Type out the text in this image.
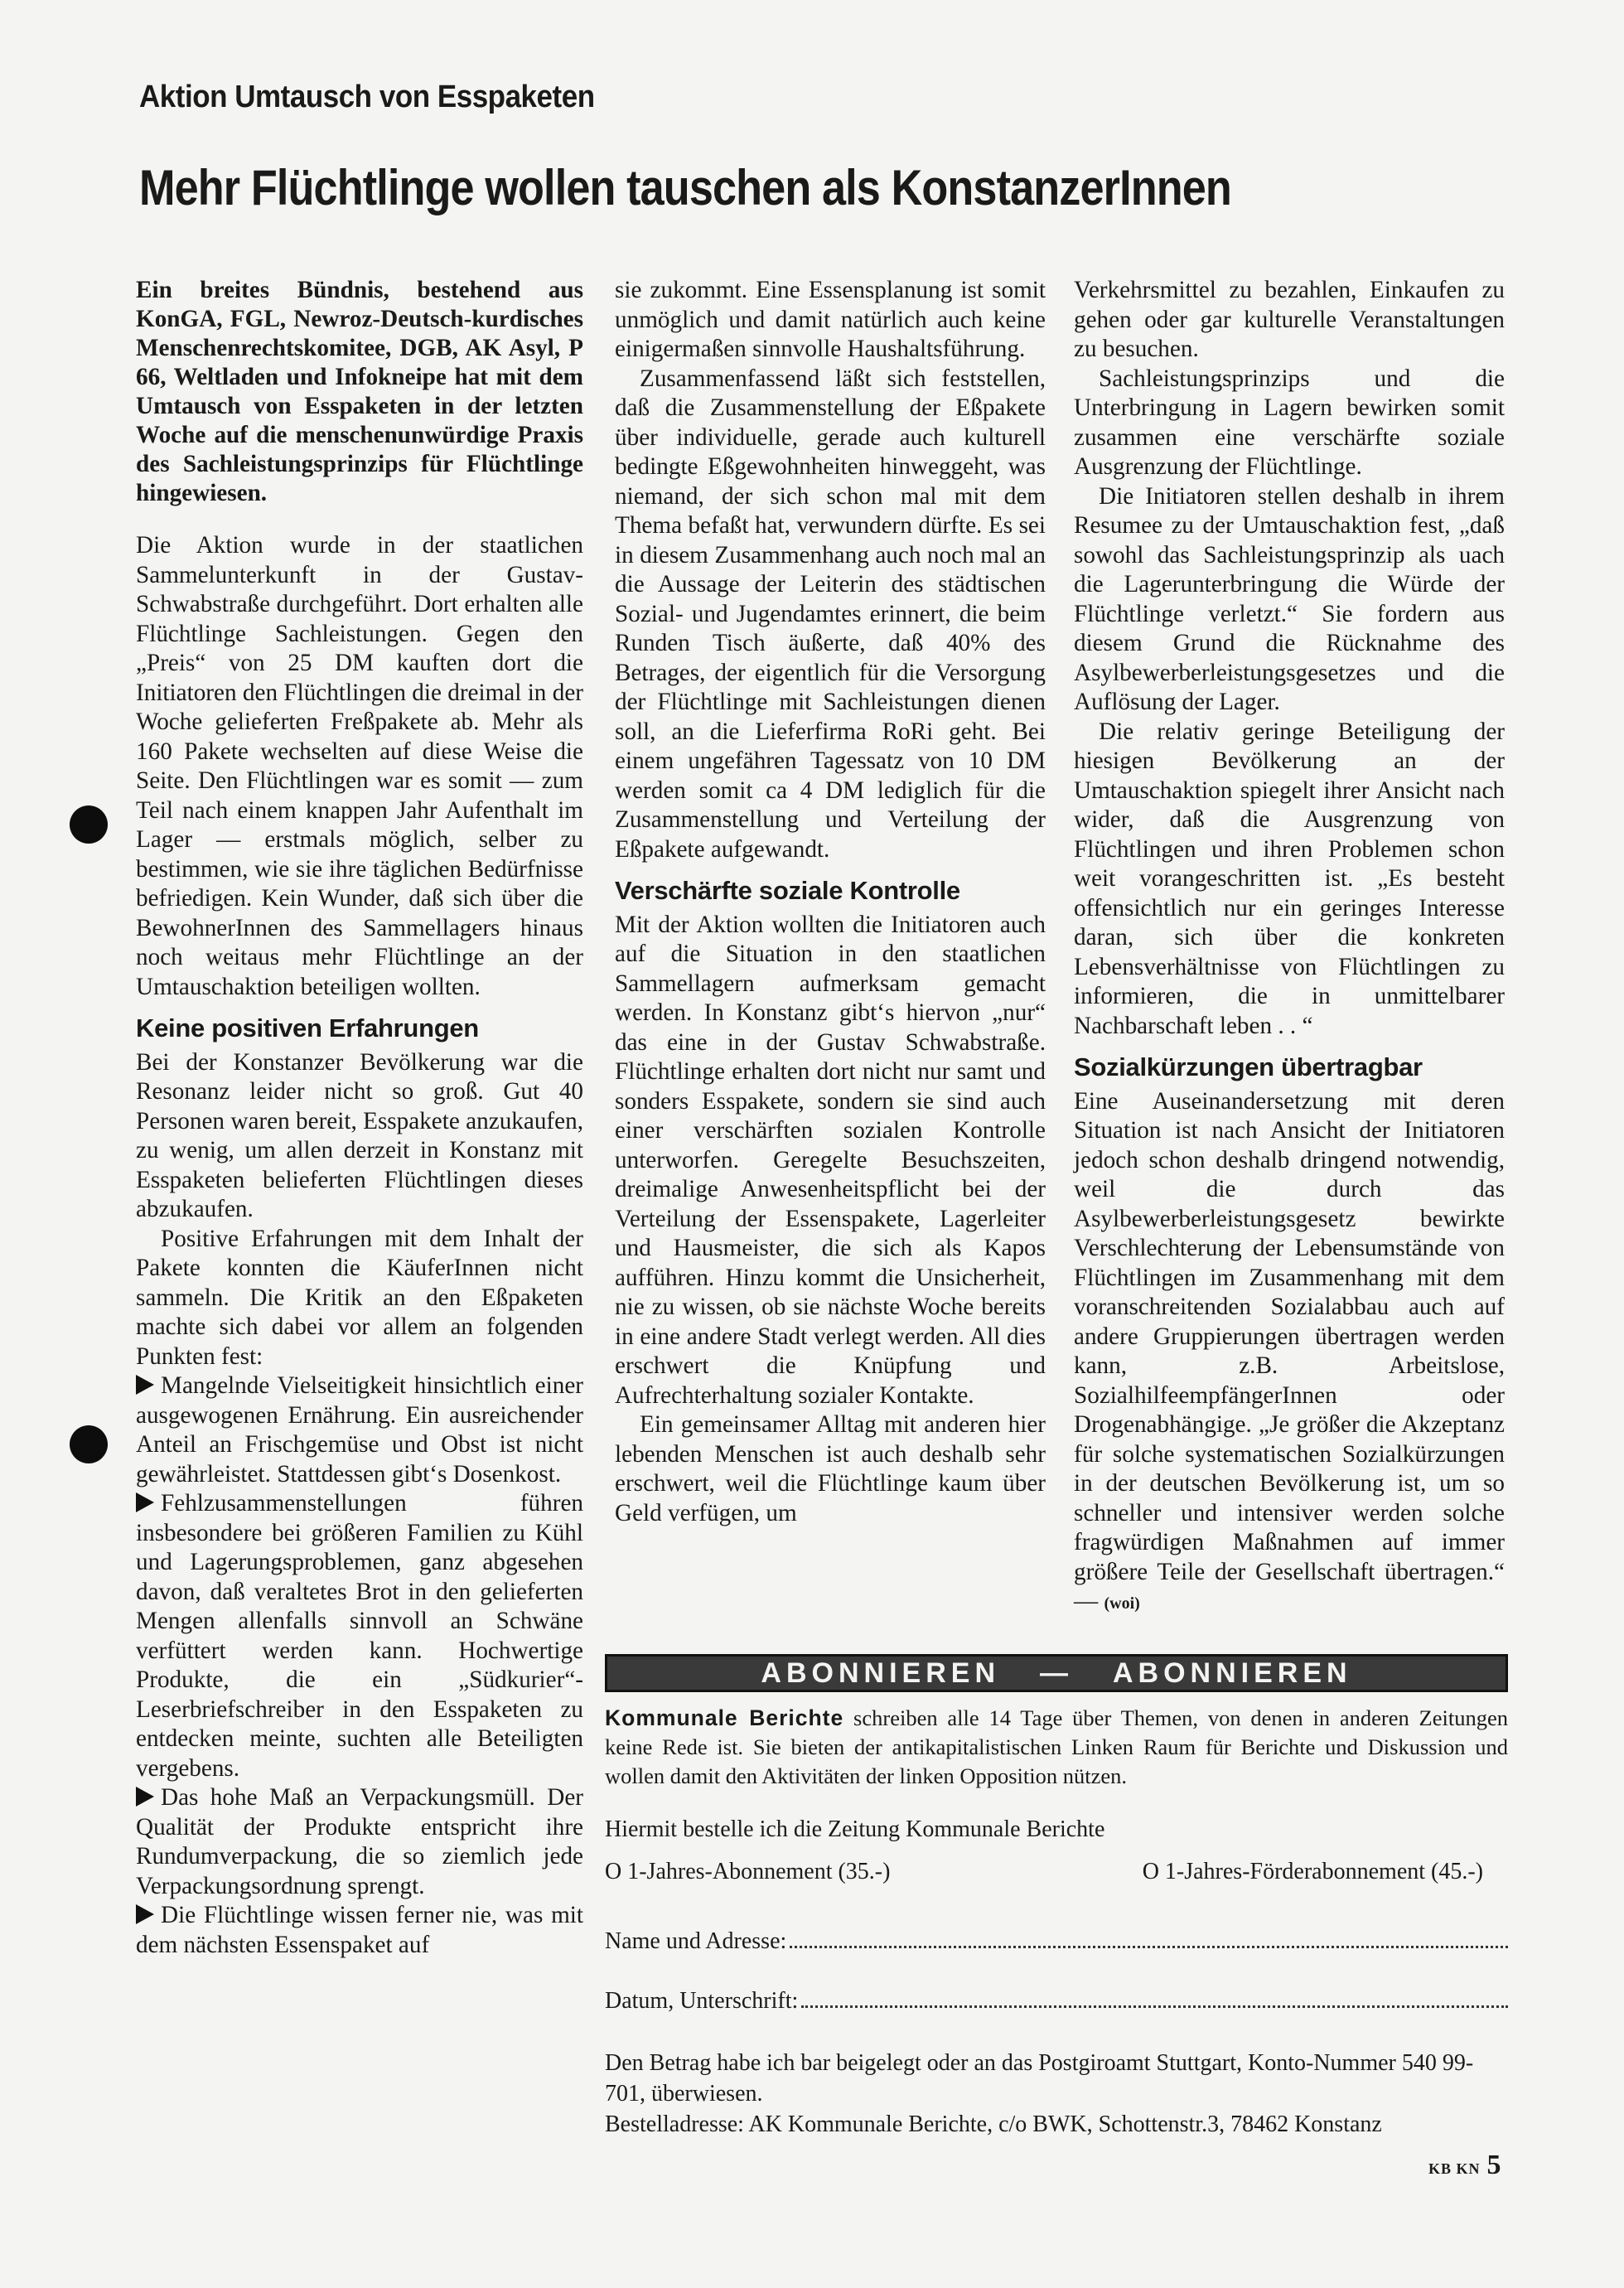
Aktion Umtausch von Esspaketen
Mehr Flüchtlinge wollen tauschen als KonstanzerInnen

Ein breites Bündnis, bestehend aus KonGA, FGL, Newroz-Deutsch-kurdisches Menschenrechtskomitee, DGB, AK Asyl, P 66, Weltladen und Infokneipe hat mit dem Umtausch von Esspaketen in der letzten Woche auf die menschenunwürdige Praxis des Sachleistungsprinzips für Flüchtlinge hingewiesen.

Die Aktion wurde in der staatlichen Sammelunterkunft in der Gustav-Schwabstraße durchgeführt. Dort erhalten alle Flüchtlinge Sachleistungen. Gegen den „Preis“ von 25 DM kauften dort die Initiatoren den Flüchtlingen die dreimal in der Woche gelieferten Freßpakete ab. Mehr als 160 Pakete wechselten auf diese Weise die Seite. Den Flüchtlingen war es somit — zum Teil nach einem knappen Jahr Aufenthalt im Lager — erstmals möglich, selber zu bestimmen, wie sie ihre täglichen Bedürfnisse befriedigen. Kein Wunder, daß sich über die BewohnerInnen des Sammellagers hinaus noch weitaus mehr Flüchtlinge an der Umtauschaktion beteiligen wollten.

Keine positiven Erfahrungen

Bei der Konstanzer Bevölkerung war die Resonanz leider nicht so groß. Gut 40 Personen waren bereit, Esspakete anzukaufen, zu wenig, um allen derzeit in Konstanz mit Esspaketen belieferten Flüchtlingen dieses abzukaufen.

Positive Erfahrungen mit dem Inhalt der Pakete konnten die KäuferInnen nicht sammeln. Die Kritik an den Eßpaketen machte sich dabei vor allem an folgenden Punkten fest:

Mangelnde Vielseitigkeit hinsichtlich einer ausgewogenen Ernährung. Ein ausreichender Anteil an Frischgemüse und Obst ist nicht gewährleistet. Stattdessen gibt‘s Dosenkost.

Fehlzusammenstellungen führen insbesondere bei größeren Familien zu Kühl und Lagerungsproblemen, ganz abgesehen davon, daß veraltetes Brot in den gelieferten Mengen allenfalls sinnvoll an Schwäne verfüttert werden kann. Hochwertige Produkte, die ein „Südkurier“-Leserbriefschreiber in den Esspaketen zu entdecken meinte, suchten alle Beteiligten vergebens.

Das hohe Maß an Verpackungsmüll. Der Qualität der Produkte entspricht ihre Rundumverpackung, die so ziemlich jede Verpackungsordnung sprengt.

Die Flüchtlinge wissen ferner nie, was mit dem nächsten Essenspaket auf

sie zukommt. Eine Essensplanung ist somit unmöglich und damit natürlich auch keine einigermaßen sinnvolle Haushaltsführung.

Zusammenfassend läßt sich feststellen, daß die Zusammenstellung der Eßpakete über individuelle, gerade auch kulturell bedingte Eßgewohnheiten hinweggeht, was niemand, der sich schon mal mit dem Thema befaßt hat, verwundern dürfte. Es sei in diesem Zusammenhang auch noch mal an die Aussage der Leiterin des städtischen Sozial- und Jugendamtes erinnert, die beim Runden Tisch äußerte, daß 40% des Betrages, der eigentlich für die Versorgung der Flüchtlinge mit Sachleistungen dienen soll, an die Lieferfirma RoRi geht. Bei einem ungefähren Tagessatz von 10 DM werden somit ca 4 DM lediglich für die Zusammenstellung und Verteilung der Eßpakete aufgewandt.

Verschärfte soziale Kontrolle

Mit der Aktion wollten die Initiatoren auch auf die Situation in den staatlichen Sammellagern aufmerksam gemacht werden. In Konstanz gibt‘s hiervon „nur“ das eine in der Gustav Schwabstraße. Flüchtlinge erhalten dort nicht nur samt und sonders Esspakete, sondern sie sind auch einer verschärften sozialen Kontrolle unterworfen. Geregelte Besuchszeiten, dreimalige Anwesenheitspflicht bei der Verteilung der Essenspakete, Lagerleiter und Hausmeister, die sich als Kapos aufführen. Hinzu kommt die Unsicherheit, nie zu wissen, ob sie nächste Woche bereits in eine andere Stadt verlegt werden. All dies erschwert die Knüpfung und Aufrechterhaltung sozialer Kontakte.

Ein gemeinsamer Alltag mit anderen hier lebenden Menschen ist auch deshalb sehr erschwert, weil die Flüchtlinge kaum über Geld verfügen, um

Verkehrsmittel zu bezahlen, Einkaufen zu gehen oder gar kulturelle Veranstaltungen zu besuchen.

Sachleistungsprinzips und die Unterbringung in Lagern bewirken somit zusammen eine verschärfte soziale Ausgrenzung der Flüchtlinge.

Die Initiatoren stellen deshalb in ihrem Resumee zu der Umtauschaktion fest, „daß sowohl das Sachleistungsprinzip als uach die Lagerunterbringung die Würde der Flüchtlinge verletzt.“ Sie fordern aus diesem Grund die Rücknahme des Asylbewerberleistungsgesetzes und die Auflösung der Lager.

Die relativ geringe Beteiligung der hiesigen Bevölkerung an der Umtauschaktion spiegelt ihrer Ansicht nach wider, daß die Ausgrenzung von Flüchtlingen und ihren Problemen schon weit vorangeschritten ist. „Es besteht offensichtlich nur ein geringes Interesse daran, sich über die konkreten Lebensverhältnisse von Flüchtlingen zu informieren, die in unmittelbarer Nachbarschaft leben . . “

Sozialkürzungen übertragbar

Eine Auseinandersetzung mit deren Situation ist nach Ansicht der Initiatoren jedoch schon deshalb dringend notwendig, weil die durch das Asylbewerberleistungsgesetz bewirkte Verschlechterung der Lebensumstände von Flüchtlingen im Zusammenhang mit dem voranschreitenden Sozialabbau auch auf andere Gruppierungen übertragen werden kann, z.B. Arbeitslose, SozialhilfeempfängerInnen oder Drogenabhängige. „Je größer die Akzeptanz für solche systematischen Sozialkürzungen in der deutschen Bevölkerung ist, um so schneller und intensiver werden solche fragwürdigen Maßnahmen auf immer größere Teile der Gesellschaft übertragen.“ — (woi)

ABONNIEREN — ABONNIEREN

Kommunale Berichte schreiben alle 14 Tage über Themen, von denen in anderen Zeitungen keine Rede ist. Sie bieten der antikapitalistischen Linken Raum für Berichte und Diskussion und wollen damit den Aktivitäten der linken Opposition nützen.

Hiermit bestelle ich die Zeitung Kommunale Berichte

O 1-Jahres-Abonnement (35.-)	O 1-Jahres-Förderabonnement (45.-)
Name und Adresse:
Datum, Unterschrift:

Den Betrag habe ich bar beigelegt oder an das Postgiroamt Stuttgart, Konto-Nummer 540 99-701, überwiesen.

Bestelladresse: AK Kommunale Berichte, c/o BWK, Schottenstr.3, 78462 Konstanz

KB KN 5
